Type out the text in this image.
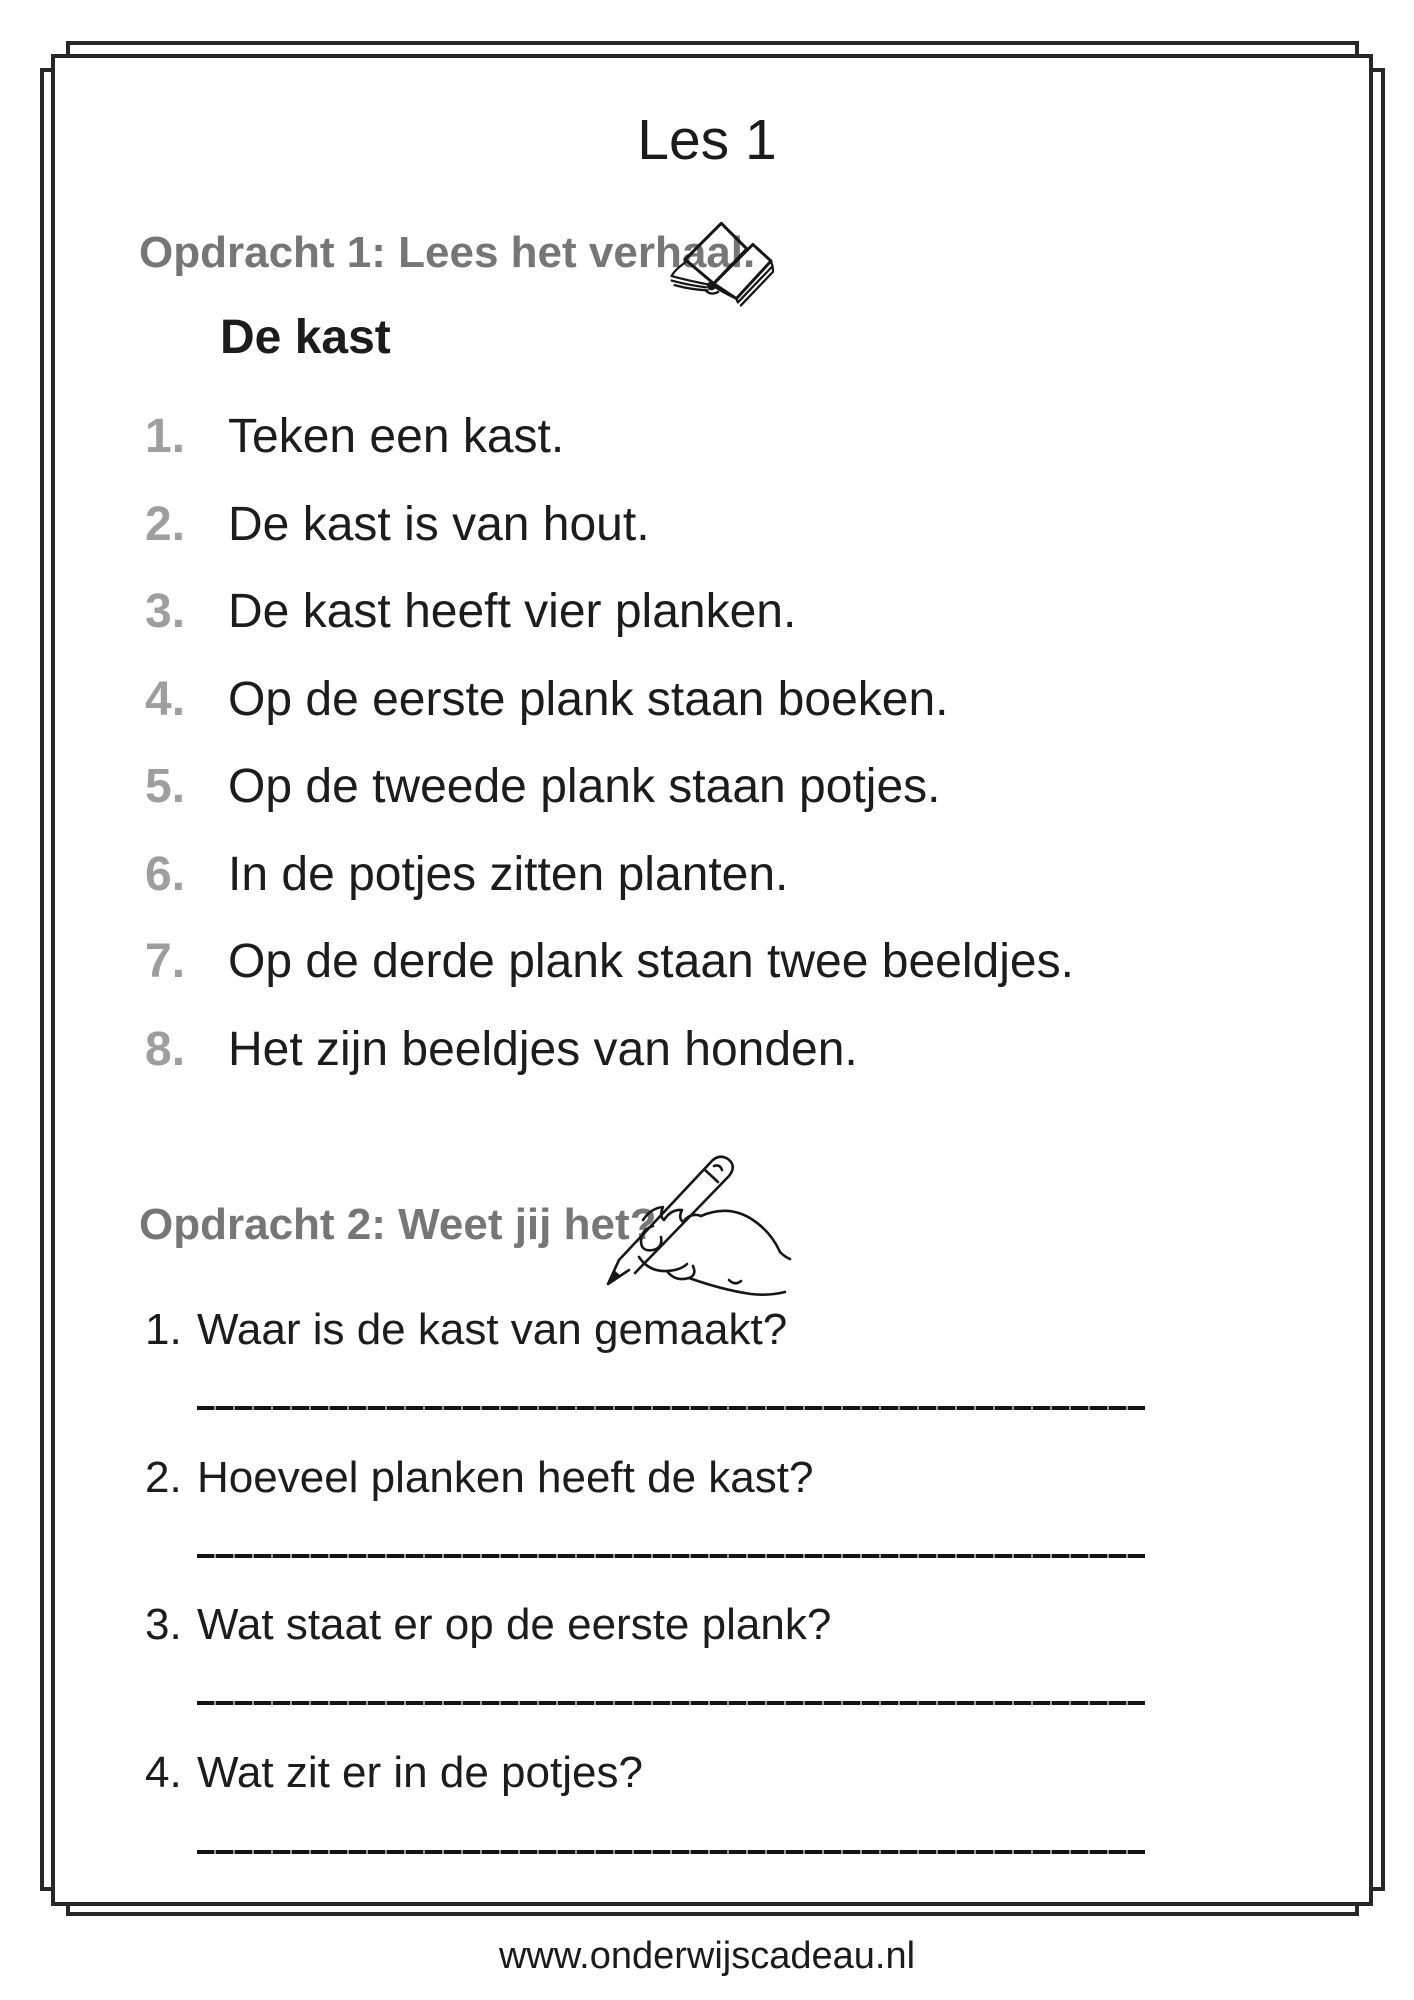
Les 1
Opdracht 1: Lees het verhaal.
De kast
1. Teken een kast.
2. De kast is van hout.
3. De kast heeft vier planken.
4. Op de eerste plank staan boeken.
5. Op de tweede plank staan potjes.
6. In de potjes zitten planten.
7. Op de derde plank staan twee beeldjes.
8. Het zijn beeldjes van honden.
Opdracht 2: Weet jij het?
1. Waar is de kast van gemaakt?
2. Hoeveel planken heeft de kast?
3. Wat staat er op de eerste plank?
4. Wat zit er in de potjes?
www.onderwijscadeau.nl
